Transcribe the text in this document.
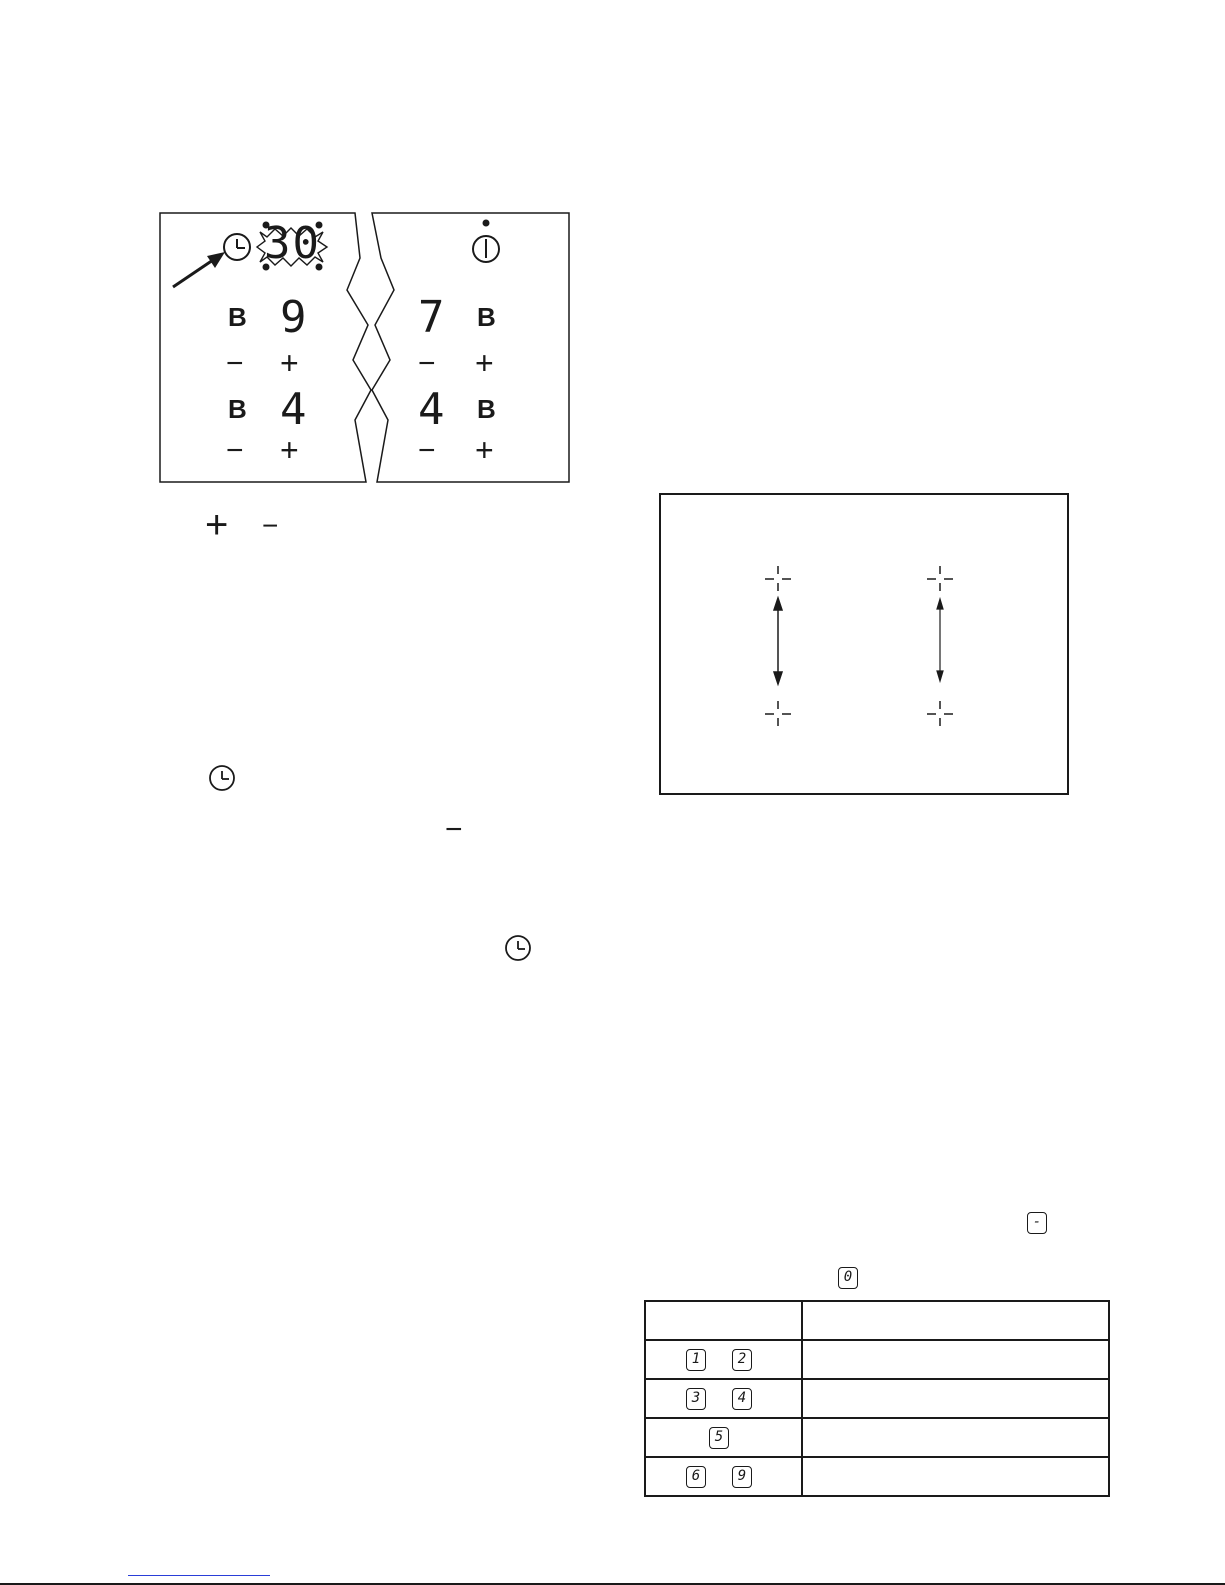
30
B 9
− +
B 4
− +
7 B
− +
4 B
− +
+ −
−
-
0

1 2	

3 4	

5	

6 9	
